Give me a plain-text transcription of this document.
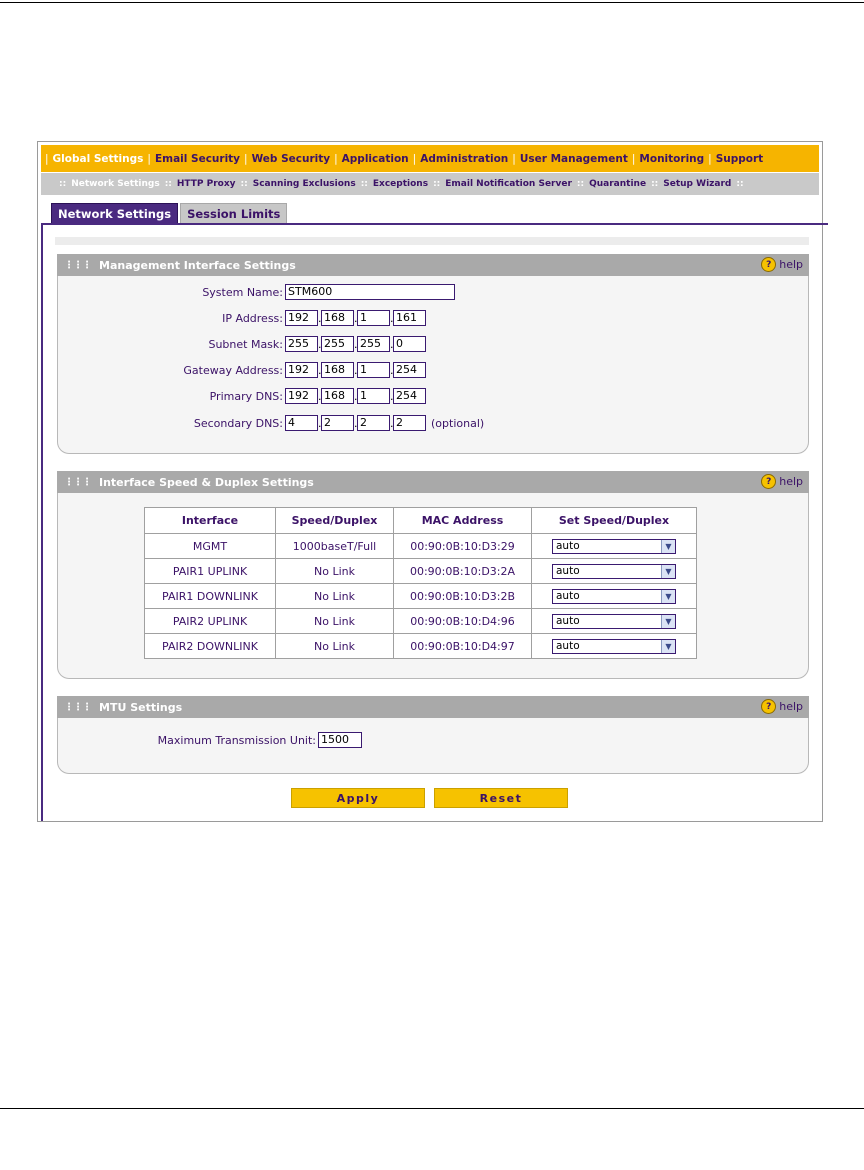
| Global Settings | Email Security | Web Security | Application | Administration | User Management | Monitoring | Support
:: Network Settings :: HTTP Proxy :: Scanning Exclusions :: Exceptions :: Email Notification Server :: Quarantine :: Setup Wizard ::
Network Settings	Session Limits
⋮⋮⋮ Management Interface Settings	? help
System Name: STM600
IP Address: 192 . 168 . 1	. 161
Subnet Mask: 255 . 255 . 255 . 0
Gateway Address: 192 . 168 . 1	. 254
Primary DNS: 192 . 168 . 1	. 254
Secondary DNS: 4	. 2	. 2	. 2	(optional)
⋮⋮⋮ Interface Speed & Duplex Settings	? help
Interface	Speed/Duplex	MAC Address	Set Speed/Duplex
MGMT	1000baseT/Full	00:90:0B:10:D3:29	auto ▼

PAIR1 UPLINK	No Link	00:90:0B:10:D3:2A	auto ▼

PAIR1 DOWNLINK	No Link	00:90:0B:10:D3:2B	auto ▼

PAIR2 UPLINK	No Link	00:90:0B:10:D4:96	auto ▼

PAIR2 DOWNLINK	No Link	00:90:0B:10:D4:97	auto ▼
⋮⋮⋮ MTU Settings	? help
Maximum Transmission Unit: 1500
Apply	Reset
